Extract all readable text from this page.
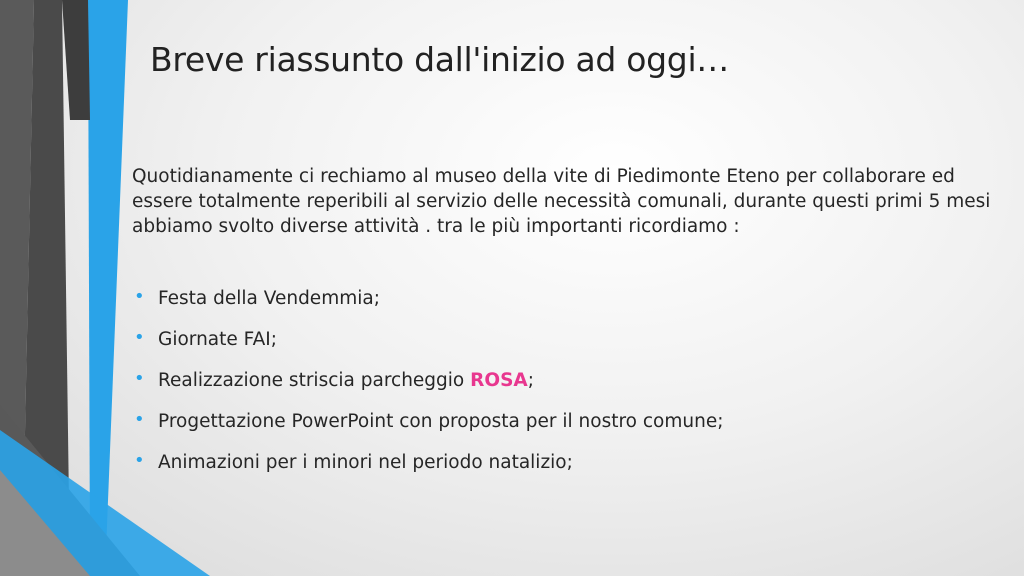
Breve riassunto dall'inizio ad oggi…

Quotidianamente ci rechiamo al museo della vite di Piedimonte Eteno per collaborare ed essere totalmente reperibili al servizio delle necessità comunali, durante questi primi 5 mesi abbiamo svolto diverse attività . tra le più importanti ricordiamo :

• Festa della Vendemmia;
• Giornate FAI;
• Realizzazione striscia parcheggio ROSA;
• Progettazione PowerPoint con proposta per il nostro comune;
• Animazioni per i minori nel periodo natalizio;
